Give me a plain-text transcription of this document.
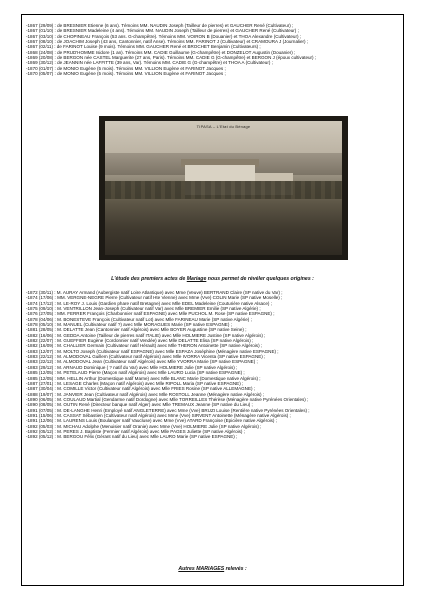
-1867 (29/09) : de BRESNIER Etienne (6 ans). Témoins MM. NAUDIN Joseph (Tailleur de pierres) et GAUCHER René (Cultivateur) ;
-1867 (01/10) : de BRESNIER Madeleine (4 ans). Témoins MM. NAUDIN Joseph (Tailleur de pierres) et GAUCHER René (Cultivateur) ;
-1867 (03/10) : de CHOPINEAU François (53 ans. G-champêtre). Témoins MM. VOIRON B (Douanier) et THOA Alexandre (Cultivateur) ;
-1867 (08/10) : de JOACHIM Joseph (43 ans, Cantonnier, natif Anse). Témoins MM. FARINOT J (Cultivateur) et CRAMOURA J (Journalier) ;
-1867 (02/11) : de FARINOT Louise (9 mois). Témoins MM. GAUCHER René et BROCHET Benjamin (Cultivateurs) ;
-1868 (24/08) : de PRUD'HOMME Isidore (1 an). Témoins MM. CADIE Guillaume (G-champêtre) et DONZELOT Augustin (Douanier) ;
-1869 (20/08) : de BERGON née CASTEL Marguerite (27 ans, Paris). Témoins MM. CADIE G (G-champêtre) et BERGON J (époux cultivateur) ;
-1869 (30/12) : de JEANNIN née LAFFITTE (39 ans, Var). Témoins MM. CADIE G (G-champêtre) et THOA A (Cultivateur) ;
-1870 (01/07) : de MONIO Eugène (5 mois). Témoins MM. VILLION Eugène et FARINOT Jacques ;
-1870 (05/07) : de MONIO Eugène (5 mois). Témoins MM. VILLION Eugène et FARINOT Jacques ;
TIPASA – L'Etat du Bénage
L'étude des premiers actes de Mariage nous permet de révéler quelques origines :
-1872 (30/11) : M. AURAY Armand (Aubergiste natif Loire Atlantique) avec Mme (Veuve) BERTRAND Claire (SP native du Var) ;
-1874 (17/06) : MM. VERGNE-NEGRE Pierre (Cultivateur natif Hte Vienne) avec Mme (Vve) COLIN Marie (SP native Moselle) ;
-1874 (17/12) : M. LE-ROY J. Louis (Gardien phare natif Bretagne) avec Mlle EDEL Madeleine (Couturière native Alsace) ;
-1875 (09/10) : M. VENTRILLON Jean-Joseph (Cultivateur natif Var) avec Mlle BREMIER Emilie (SP native Algérie) ;
-1876 (27/05) : MM. FERRER François (Charbonnier natif ESPAGNE) avec Mlle PUCHOL M. Rose (SP native ESPAGNE) ;
-1878 (04/06) : M. BONESTEVE François (Cultivateur natif Lot) avec Mlle FARINEAU Marie (SP native Algérie) ;
-1878 (05/10) : M. MANUEL (Cultivateur natif ?) avec Mlle MORAGUES Marie (SP native ESPAGNE) ;
-1881 (28/05) : M. DELATTE Jean (Cantonnier natif Algérois) avec Mlle BOYER Augustine (SP native Seine) ;
-1882 (16/06) : M. GEDDA Antoine (Tailleur de pierres natif ITALIE) avec Mlle HOLMIERE Justine (SP native Algérois) ;
-1882 (22/07) : M. GUEFFIER Eugène (Cordonnier natif Vendée) avec Mlle DELATTE Elisa (SP native Algérois) ;
-1882 (16/09) : M. CHALLIER Germain (Cultivateur natif Hérault) avec Mlle THERON Antoinette (SP native Algérois) ;
-1883 (12/07) : M. MOLTO Joseph (Cultivateur natif ESPAGNE) avec Mlle ESPAZA Joséphine (Ménagère native ESPAGNE) ;
-1883 (22/12) : M. ALMODOVAL Guillem (Cultivateur natif Algérois) avec Mlle IVORRA Vicenta (SP native ESPAGNE) ;
-1883 (22/12) : M. ALMODOVAL Jean (Cultivateur natif Algérois) avec Mlle YVORRA Marie (SP native ESPAGNE) ;
-1883 (29/12) : M. ARNAUD Dominique ( ? natif du Var) avec Mlle HOLMIERE Julie (SP native Algérois) ;
-1885 (12/05) : M. PETELAUD Pierre (Maçon natif Algérois) avec Mlle LAURO Lucia (SP native ESPAGNE) ;
-1885 (12/05) : MM. HELLIN Arthur (Domestique natif Marne) avec Mlle BLANC Marie (Domestique native Algérois) ;
-1887 (27/01) : M. LESAGE Charles (Maçon natif Algérois) avec Mlle RIPOLL Maria (SP native ESPAGNE) ;
-1887 (30/04) : M. COMILLE Victor (Cultivateur natif Algérois) avec Mlle FRIES Rosine (SP native ALLEMAGNE) ;
-1888 (19/07) : M. JANVIER Jean (Cultivateur natif Algérois) avec Mlle ROSTOLL Jeanne (Ménagère native Algérois) ;
-1890 (06/05) : M. COULAUD Martial (Gendarme natif Dordogne) avec Mlle TORREILLES Thérèse (Ménagère native Pyrénées Orientales) ;
-1890 (08/05) : M. OUTIN René (Directeur banque natif Alger) avec Mlle TREMAUX Jeanne (SP native du Lieu) ;
-1891 (07/05) : M. DE-LANGHE Henri (Employé natif ANGLETERRE) avec Mme (Vve) BRUZI Louise (Rentière native Pyrénées Orientales) ;
-1891 (15/06) : M. CASSAT Sébastien (Cultivateur natif Algérois) avec Mme (Vve) SIRVENT Antoinette (Ménagère native Algérois) ;
-1891 (12/06) : M. LAURENS Louis (Boulanger natif Vaucluse) avec Mme (Vve) ATARD Françoise (Epicière native Algérois) ;
-1892 (05/03) : M. MICHAU Adolphe (Menuisier natif Oranie) avec Mme (Vve) HOLMIERE Julie (SP native Algérois) ;
-1892 (05/12) : M. PERES J. Baptiste (Fermier natif Algérois) avec Mlle PAGES Juliette (SP native Algérois) ;
-1892 (05/12) : M. BERGOU Félix (Gérant natif du Lieu) avec Mlle LAURO Marie (SP native ESPAGNE) ;
Autres MARIAGES relevés :
